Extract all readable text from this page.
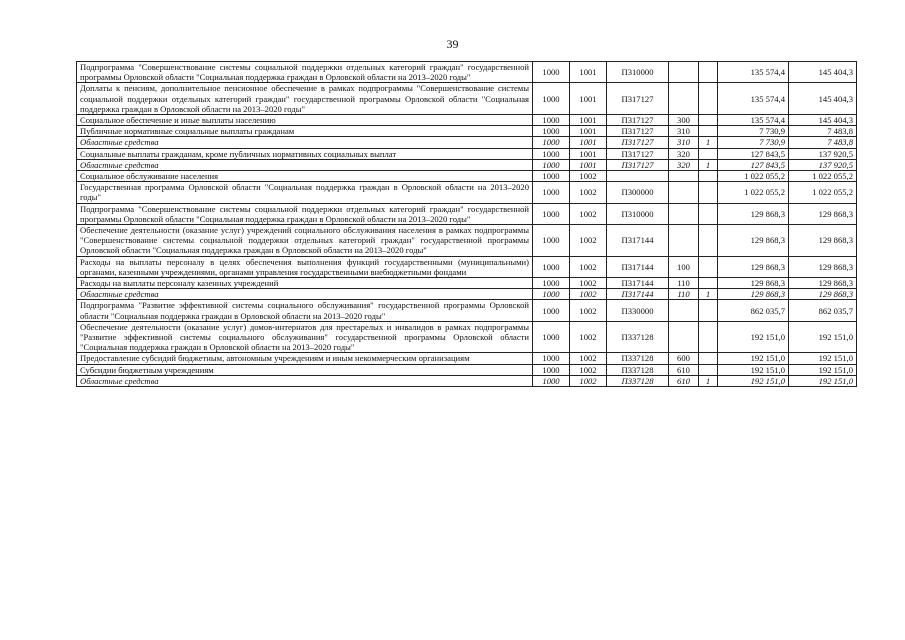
39
Подпрограмма "Совершенствование системы социальной поддержки отдельных категорий граждан" государственной программы Орловской области "Социальная поддержка граждан в Орловской области на 2013–2020 годы"	1000	1001	П310000			135 574,4	145 404,3
Доплаты к пенсиям, дополнительное пенсионное обеспечение в рамках подпрограммы "Совершенствование системы социальной поддержки отдельных категорий граждан" государственной программы Орловской области "Социальная поддержка граждан в Орловской области на 2013–2020 годы"	1000	1001	П317127			135 574,4	145 404,3
Социальное обеспечение и иные выплаты населению	1000	1001	П317127	300		135 574,4	145 404,3
Публичные нормативные социальные выплаты гражданам	1000	1001	П317127	310		7 730,9	7 483,8
Областные средства	1000	1001	П317127	310	1	7 730,9	7 483,8
Социальные выплаты гражданам, кроме публичных нормативных социальных выплат	1000	1001	П317127	320		127 843,5	137 920,5
Областные средства	1000	1001	П317127	320	1	127 843,5	137 920,5
Социальное обслуживание населения	1000	1002				1 022 055,2	1 022 055,2
Государственная программа Орловской области "Социальная поддержка граждан в Орловской области на 2013–2020 годы"	1000	1002	П300000			1 022 055,2	1 022 055,2
Подпрограмма "Совершенствование системы социальной поддержки отдельных категорий граждан" государственной программы Орловской области "Социальная поддержка граждан в Орловской области на 2013–2020 годы"	1000	1002	П310000			129 868,3	129 868,3
Обеспечение деятельности (оказание услуг) учреждений социального обслуживания населения в рамках подпрограммы "Совершенствование системы социальной поддержки отдельных категорий граждан" государственной программы Орловской области "Социальная поддержка граждан в Орловской области на 2013–2020 годы"	1000	1002	П317144			129 868,3	129 868,3
Расходы на выплаты персоналу в целях обеспечения выполнения функций государственными (муниципальными) органами, казенными учреждениями, органами управления государственными внебюджетными фондами	1000	1002	П317144	100		129 868,3	129 868,3
Расходы на выплаты персоналу казенных учреждений	1000	1002	П317144	110		129 868,3	129 868,3
Областные средства	1000	1002	П317144	110	1	129 868,3	129 868,3
Подпрограмма "Развитие эффективной системы социального обслуживания" государственной программы Орловской области "Социальная поддержка граждан в Орловской области на 2013–2020 годы"	1000	1002	П330000			862 035,7	862 035,7
Обеспечение деятельности (оказание услуг) домов-интернатов для престарелых и инвалидов в рамках подпрограммы "Развитие эффективной системы социального обслуживания" государственной программы Орловской области "Социальная поддержка граждан в Орловской области на 2013–2020 годы"	1000	1002	П337128			192 151,0	192 151,0
Предоставление субсидий бюджетным, автономным учреждениям и иным некоммерческим организациям	1000	1002	П337128	600		192 151,0	192 151,0
Субсидии бюджетным учреждениям	1000	1002	П337128	610		192 151,0	192 151,0
Областные средства	1000	1002	П337128	610	1	192 151,0	192 151,0
